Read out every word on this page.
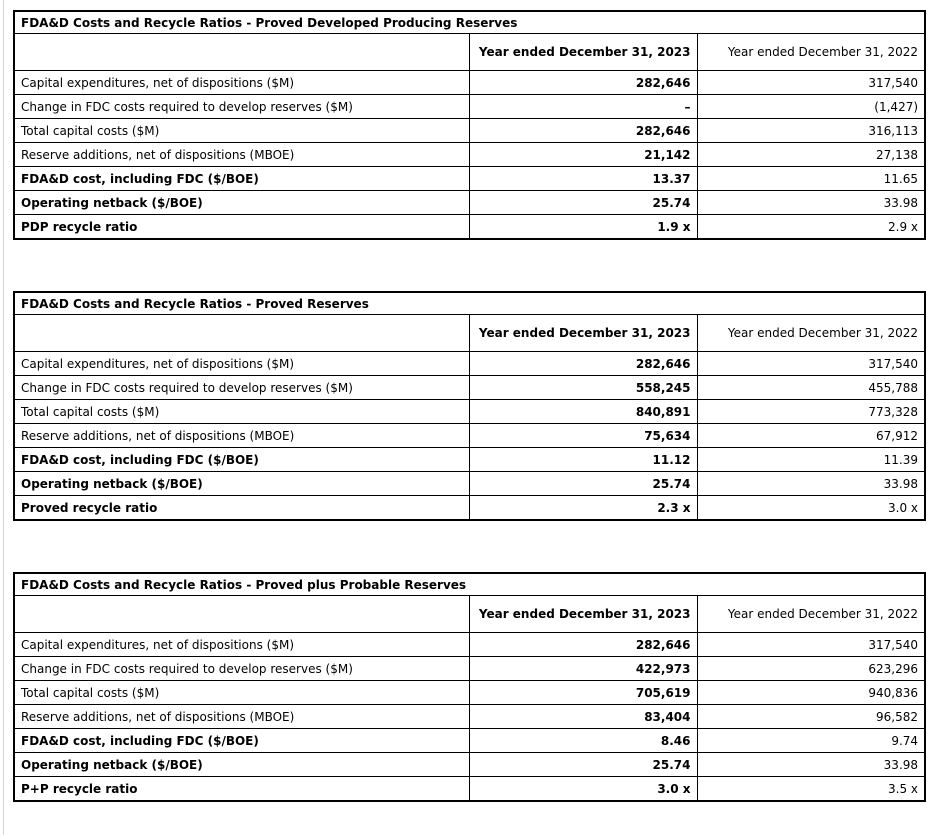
FDA&D Costs and Recycle Ratios - Proved Developed Producing Reserves		
	Year ended December 31, 2023	Year ended December 31, 2022
Capital expenditures, net of dispositions ($M)	282,646	317,540
Change in FDC costs required to develop reserves ($M)	–	(1,427)
Total capital costs ($M)	282,646	316,113
Reserve additions, net of dispositions (MBOE)	21,142	27,138
FDA&D cost, including FDC ($/BOE)	13.37	11.65
Operating netback ($/BOE)	25.74	33.98
PDP recycle ratio	1.9 x	2.9 x
FDA&D Costs and Recycle Ratios - Proved Reserves		
	Year ended December 31, 2023	Year ended December 31, 2022
Capital expenditures, net of dispositions ($M)	282,646	317,540
Change in FDC costs required to develop reserves ($M)	558,245	455,788
Total capital costs ($M)	840,891	773,328
Reserve additions, net of dispositions (MBOE)	75,634	67,912
FDA&D cost, including FDC ($/BOE)	11.12	11.39
Operating netback ($/BOE)	25.74	33.98
Proved recycle ratio	2.3 x	3.0 x
FDA&D Costs and Recycle Ratios - Proved plus Probable Reserves		
	Year ended December 31, 2023	Year ended December 31, 2022
Capital expenditures, net of dispositions ($M)	282,646	317,540
Change in FDC costs required to develop reserves ($M)	422,973	623,296
Total capital costs ($M)	705,619	940,836
Reserve additions, net of dispositions (MBOE)	83,404	96,582
FDA&D cost, including FDC ($/BOE)	8.46	9.74
Operating netback ($/BOE)	25.74	33.98
P+P recycle ratio	3.0 x	3.5 x
